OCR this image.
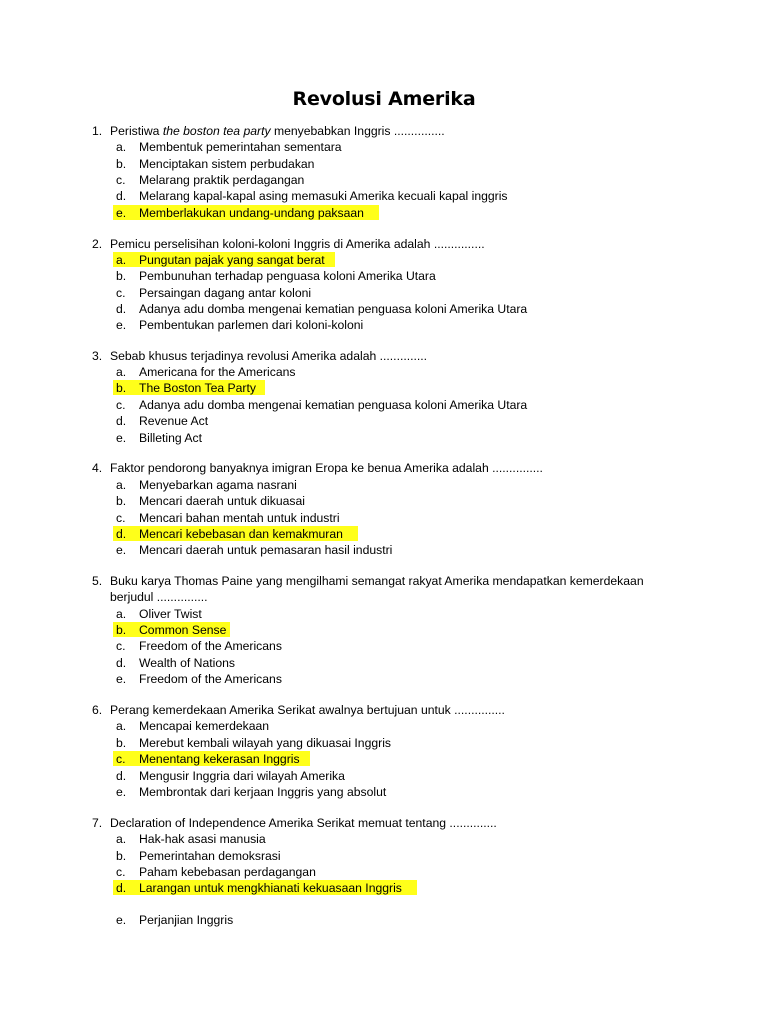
Revolusi Amerika
1. Peristiwa the boston tea party menyebabkan Inggris ...............
a. Membentuk pemerintahan sementara
b. Menciptakan sistem perbudakan
c. Melarang praktik perdagangan
d. Melarang kapal-kapal asing memasuki Amerika kecuali kapal inggris
e. Memberlakukan undang-undang paksaan
2. Pemicu perselisihan koloni-koloni Inggris di Amerika adalah ...............
a. Pungutan pajak yang sangat berat
b. Pembunuhan terhadap penguasa koloni Amerika Utara
c. Persaingan dagang antar koloni
d. Adanya adu domba mengenai kematian penguasa koloni Amerika Utara
e. Pembentukan parlemen dari koloni-koloni
3. Sebab khusus terjadinya revolusi Amerika adalah ..............
a. Americana for the Americans
b. The Boston Tea Party
c. Adanya adu domba mengenai kematian penguasa koloni Amerika Utara
d. Revenue Act
e. Billeting Act
4. Faktor pendorong banyaknya imigran Eropa ke benua Amerika adalah ...............
a. Menyebarkan agama nasrani
b. Mencari daerah untuk dikuasai
c. Mencari bahan mentah untuk industri
d. Mencari kebebasan dan kemakmuran
e. Mencari daerah untuk pemasaran hasil industri
5. Buku karya Thomas Paine yang mengilhami semangat rakyat Amerika mendapatkan kemerdekaan berjudul ...............
a. Oliver Twist
b. Common Sense
c. Freedom of the Americans
d. Wealth of Nations
e. Freedom of the Americans
6. Perang kemerdekaan Amerika Serikat awalnya bertujuan untuk ...............
a. Mencapai kemerdekaan
b. Merebut kembali wilayah yang dikuasai Inggris
c. Menentang kekerasan Inggris
d. Mengusir Inggria dari wilayah Amerika
e. Membrontak dari kerjaan Inggris yang absolut
7. Declaration of Independence Amerika Serikat memuat tentang ..............
a. Hak-hak asasi manusia
b. Pemerintahan demoksrasi
c. Paham kebebasan perdagangan
d. Larangan untuk mengkhianati kekuasaan Inggris
e. Perjanjian Inggris
